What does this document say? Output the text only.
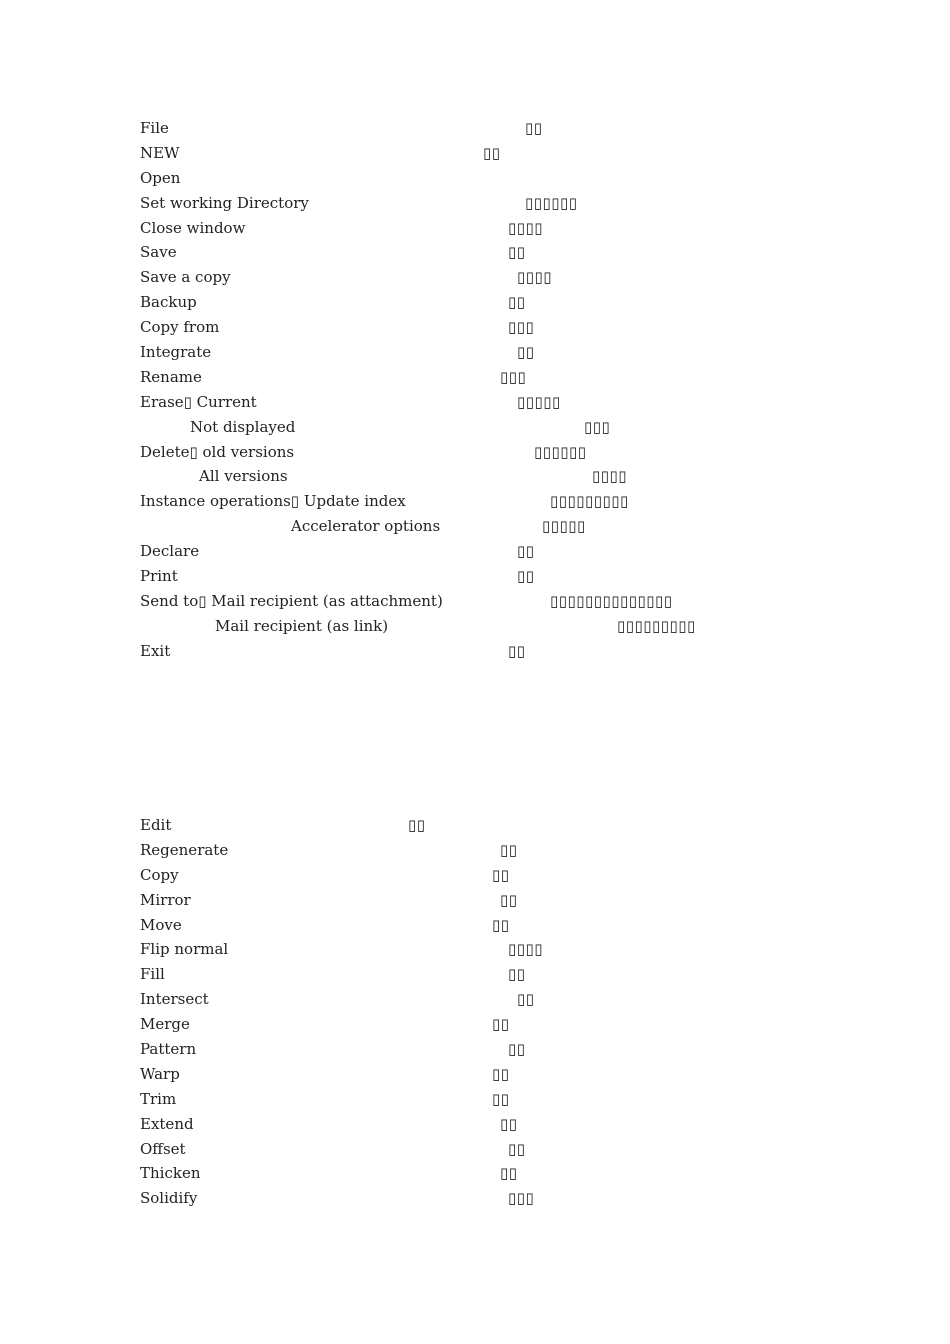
File	▯▯
NEW	▯▯
Open
Set working Directory	▯▯▯▯▯▯
Close window	▯▯▯▯
Save	▯▯
Save a copy	▯▯▯▯
Backup	▯▯
Copy from	▯▯▯
Integrate	▯▯
Rename	▯▯▯
Erase▯ Current	▯▯▯▯▯
Not displayed	▯▯▯
Delete▯ old versions	▯▯▯▯▯▯
All versions	▯▯▯▯
Instance operations▯ Update index	▯▯▯▯▯▯▯▯▯
Accelerator options	▯▯▯▯▯
Declare	▯▯
Print	▯▯
Send to▯ Mail recipient (as attachment)	▯▯▯▯▯▯▯▯▯▯▯▯▯▯
Mail recipient (as link)	▯▯▯▯▯▯▯▯▯
Exit	▯▯
Edit	▯▯
Regenerate	▯▯
Copy	▯▯
Mirror	▯▯
Move	▯▯
Flip normal	▯▯▯▯
Fill	▯▯
Intersect	▯▯
Merge	▯▯
Pattern	▯▯
Warp	▯▯
Trim	▯▯
Extend	▯▯
Offset	▯▯
Thicken	▯▯
Solidify	▯▯▯
